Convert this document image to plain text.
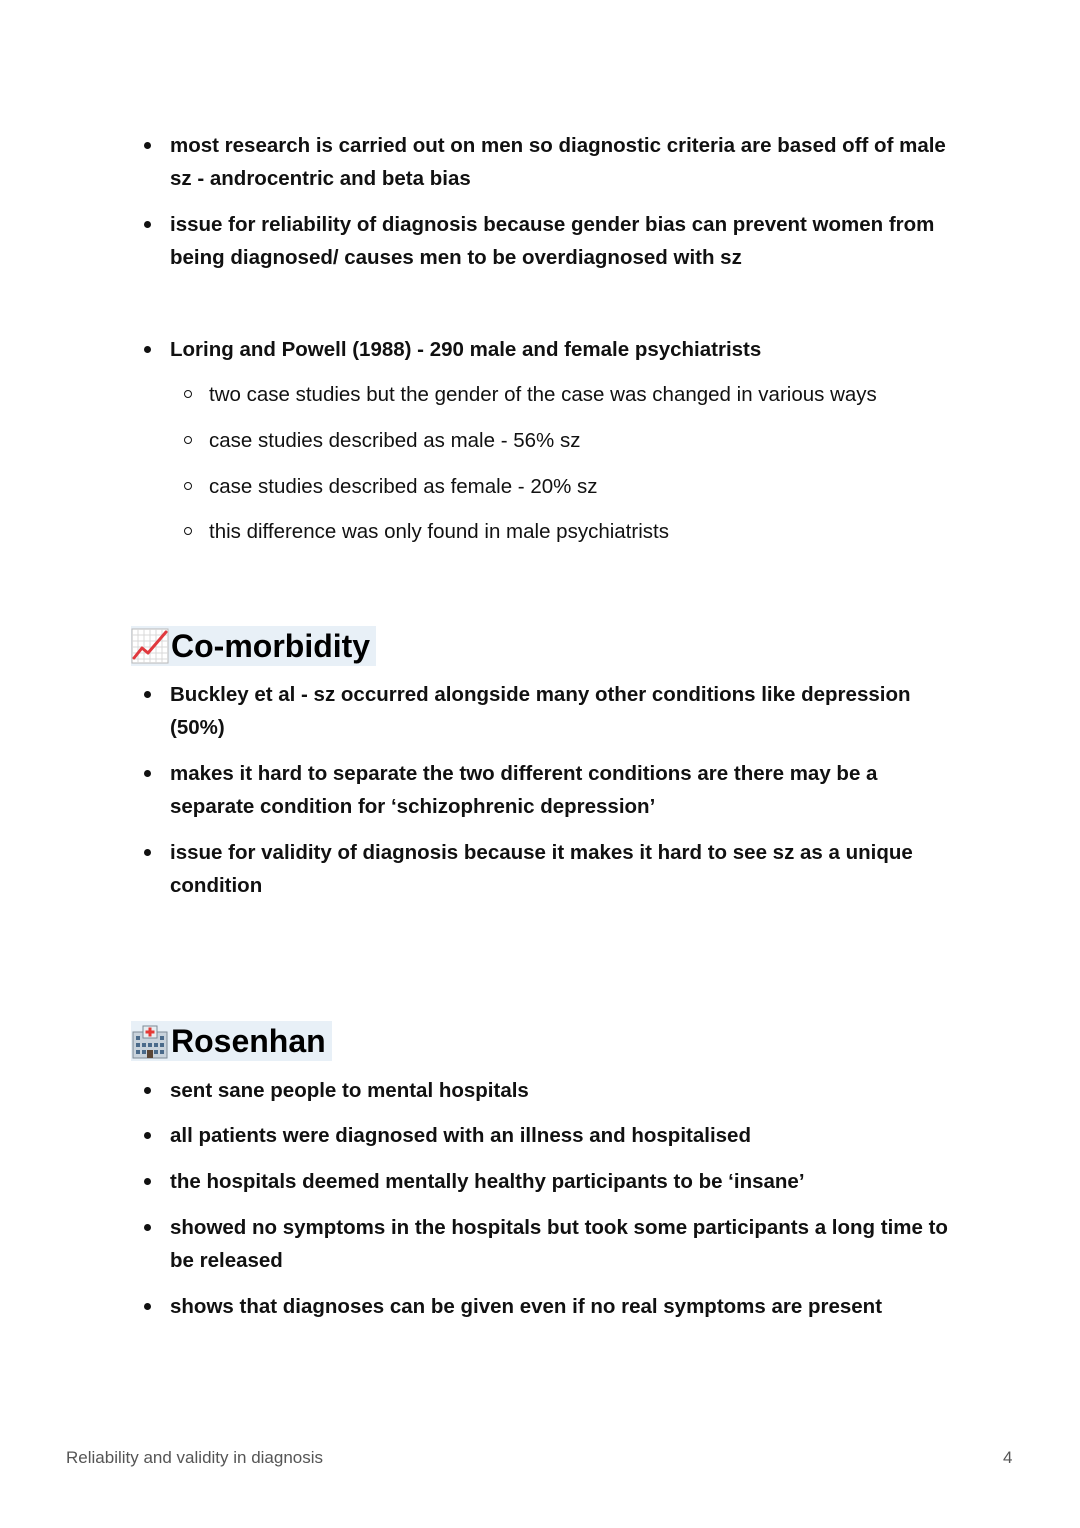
most research is carried out on men so diagnostic criteria are based off of male sz - androcentric and beta bias
issue for reliability of diagnosis because gender bias can prevent women from being diagnosed/ causes men to be overdiagnosed with sz
Loring and Powell (1988) - 290 male and female psychiatrists
two case studies but the gender of the case was changed in various ways
case studies described as male - 56% sz
case studies described as female - 20% sz
this difference was only found in male psychiatrists
Co-morbidity
Buckley et al - sz occurred alongside many other conditions like depression (50%)
makes it hard to separate the two different conditions are there may be a separate condition for ‘schizophrenic depression’
issue for validity of diagnosis because it makes it hard to see sz as a unique condition
Rosenhan
sent sane people to mental hospitals
all patients were diagnosed with an illness and hospitalised
the hospitals deemed mentally healthy participants to be ‘insane’
showed no symptoms in the hospitals but took some participants a long time to be released
shows that diagnoses can be given even if no real symptoms are present
Reliability and validity in diagnosis	4
